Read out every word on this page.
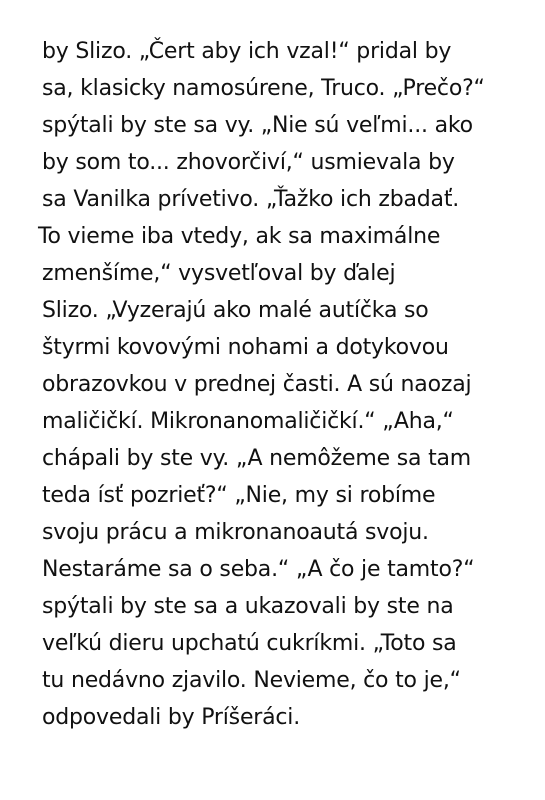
by Slizo. „Čert aby ich vzal!“ pridal by

sa, klasicky namosúrene, Truco. „Prečo?“

spýtali by ste sa vy. „Nie sú veľmi... ako

by som to... zhovorčiví,“ usmievala by

sa Vanilka prívetivo. „Ťažko ich zbadať.

To vieme iba vtedy, ak sa maximálne

zmenšíme,“ vysvetľoval by ďalej

Slizo. „Vyzerajú ako malé autíčka so

štyrmi kovovými nohami a dotykovou

obrazovkou v prednej časti. A sú naozaj

maličičkí. Mikronanomaličičkí.“ „Aha,“

chápali by ste vy. „A nemôžeme sa tam

teda ísť pozrieť?“ „Nie, my si robíme

svoju prácu a mikronanoautá svoju.

Nestaráme sa o seba.“ „A čo je tamto?“

spýtali by ste sa a ukazovali by ste na

veľkú dieru upchatú cukríkmi. „Toto sa

tu nedávno zjavilo. Nevieme, čo to je,“

odpovedali by Príšeráci.
